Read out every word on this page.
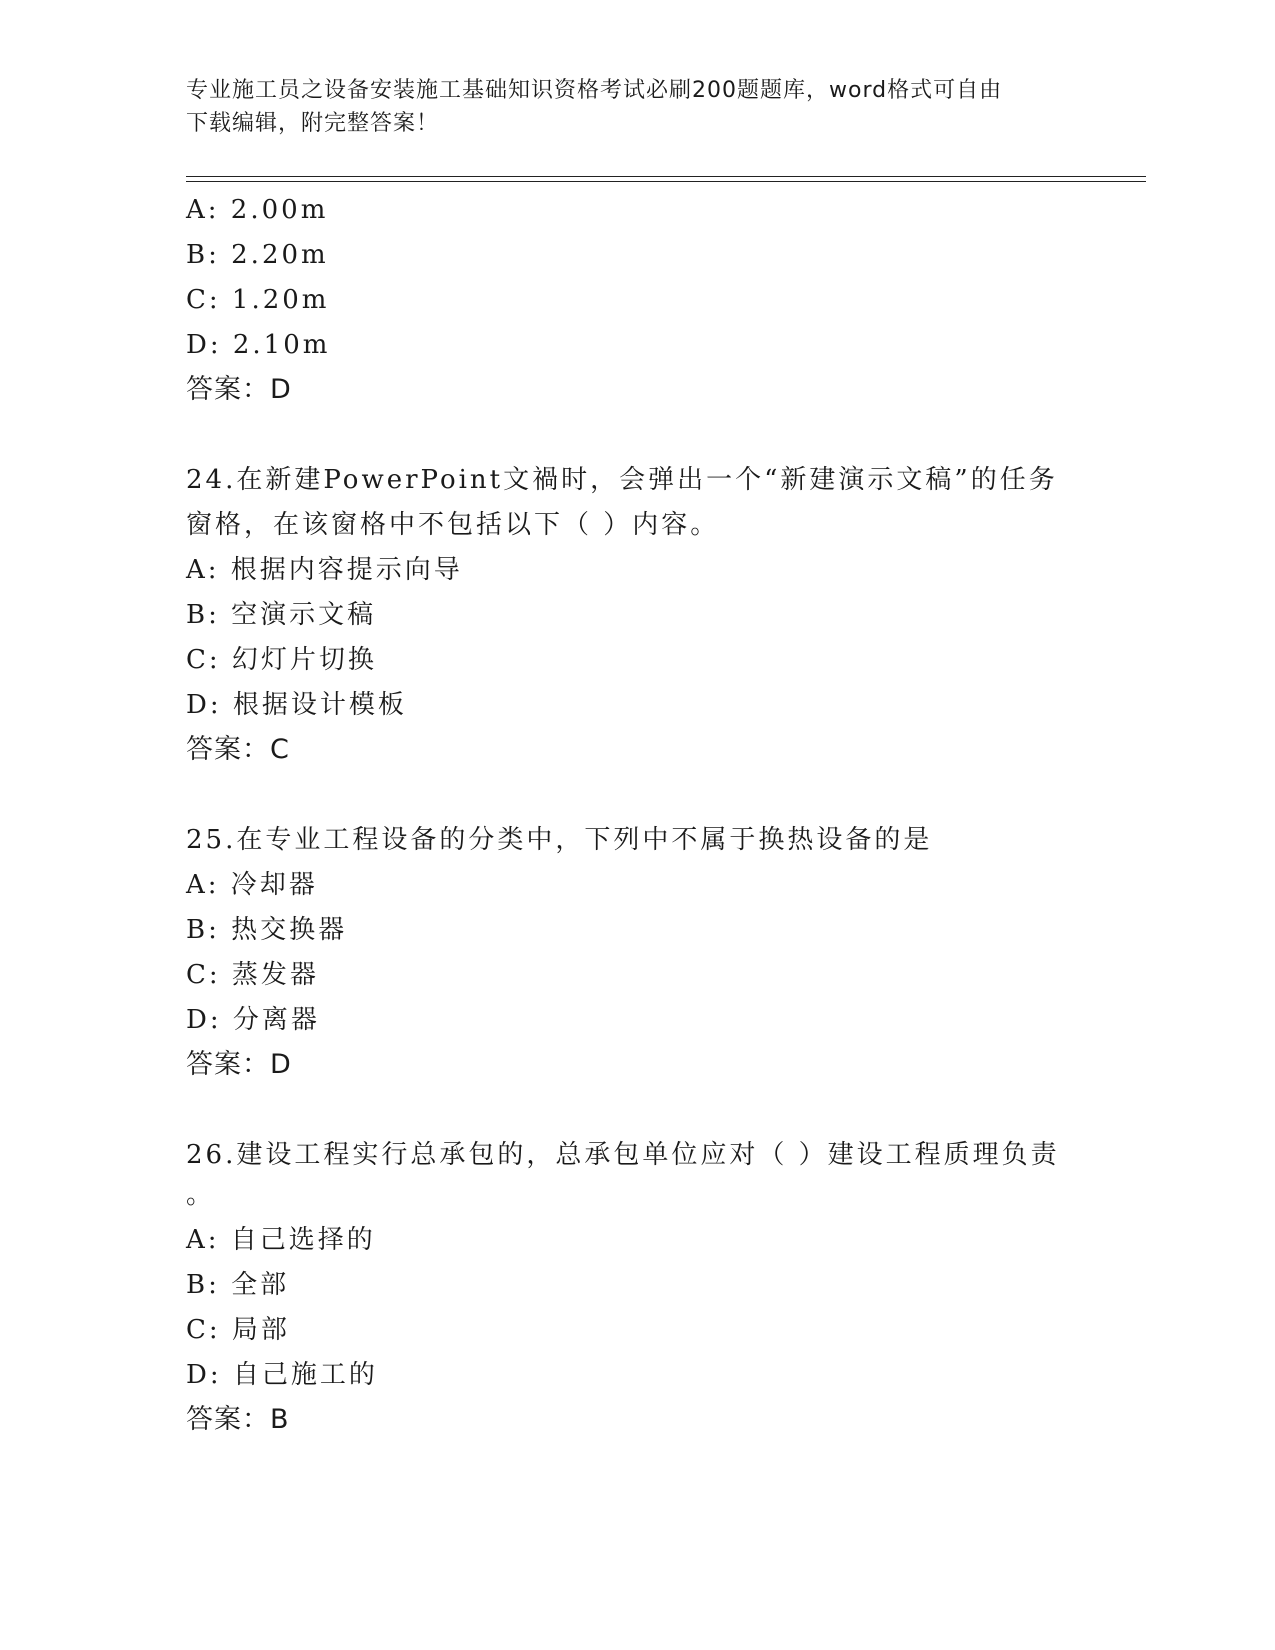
专业施工员之设备安装施工基础知识资格考试必刷200题题库，word格式可自由
下载编辑，附完整答案！
A: 2.00m
B: 2.20m
C: 1.20m
D: 2.10m
答案：D
24.在新建PowerPoint文禍时，会弹出一个“新建演示文稿”的任务
窗格，在该窗格中不包括以下（ ）内容。
A: 根据内容提示向导
B: 空演示文稿
C: 幻灯片切换
D: 根据设计模板
答案：C
25.在专业工程设备的分类中，下列中不属于换热设备的是
A: 冷却器
B: 热交换器
C: 蒸发器
D: 分离器
答案：D
26.建设工程实行总承包的，总承包单位应对（ ）建设工程质理负责
。
A: 自己选择的
B: 全部
C: 局部
D: 自己施工的
答案：B
